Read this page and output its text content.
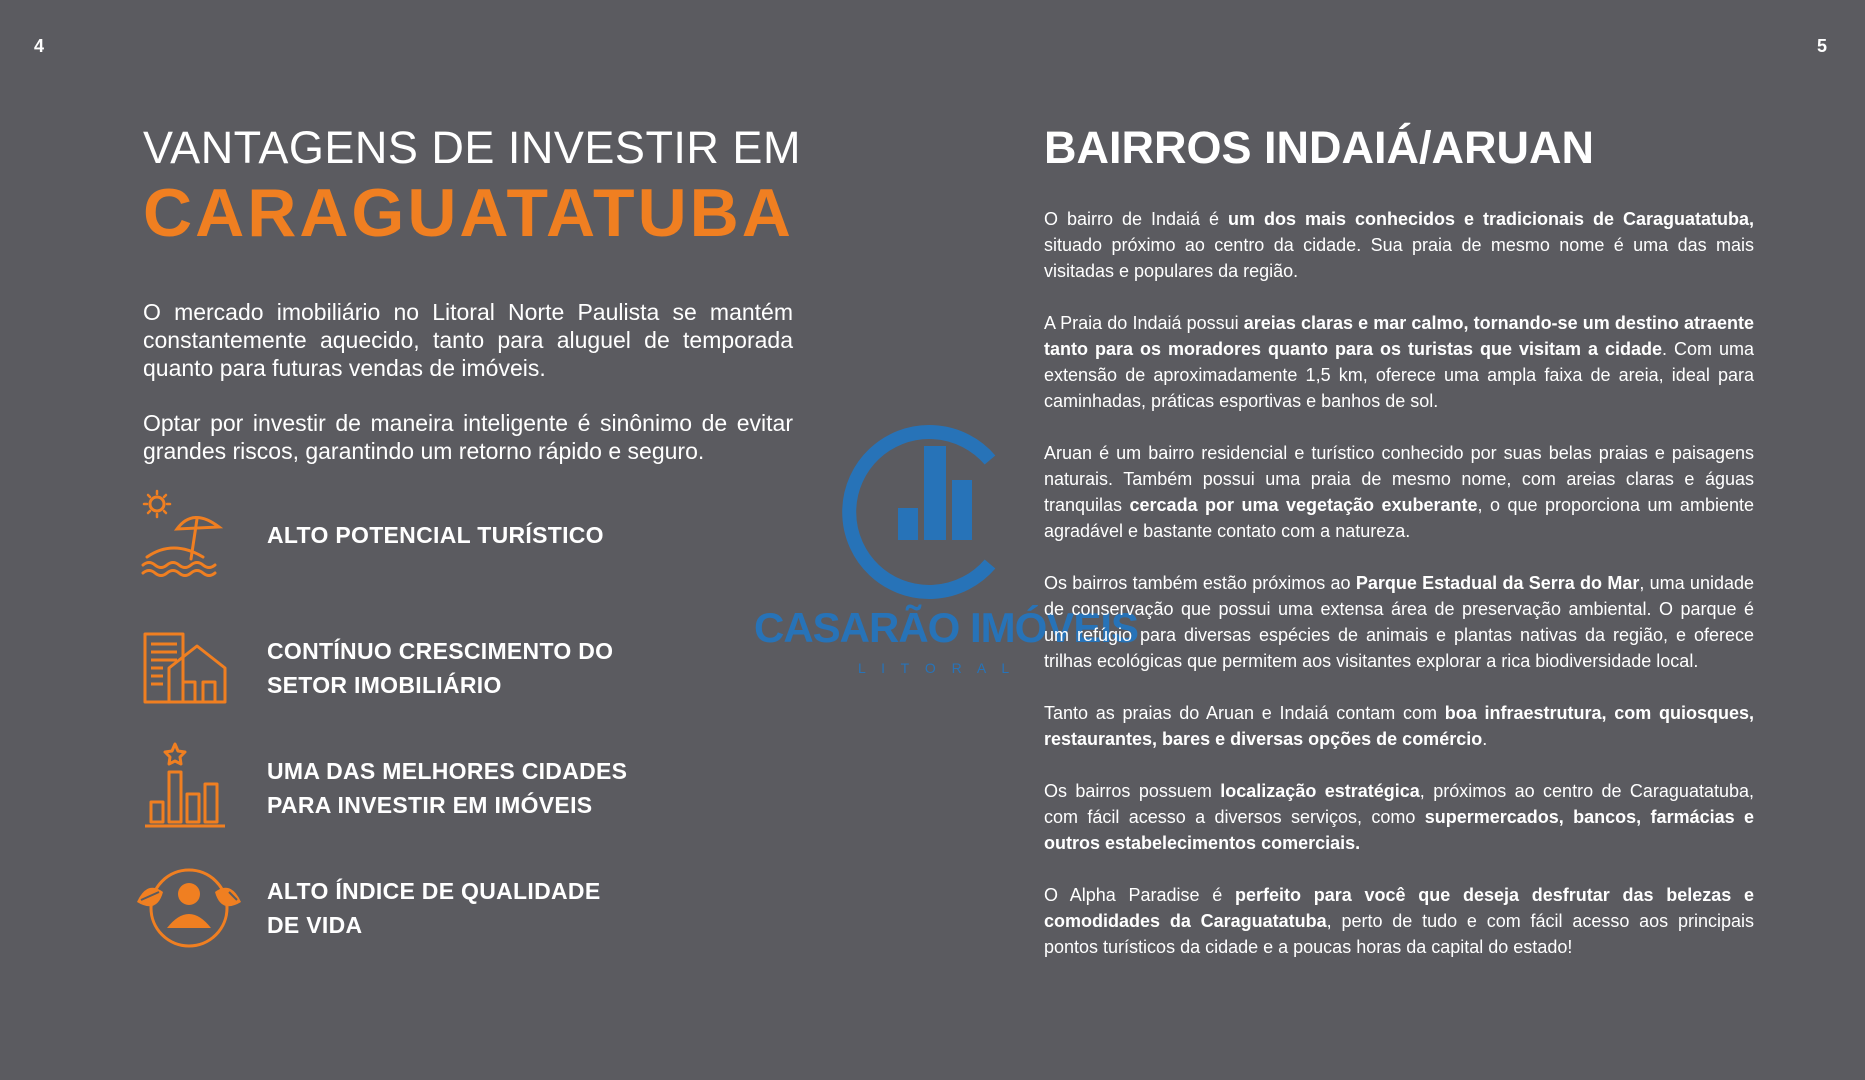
4	5
VANTAGENS DE INVESTIR EM
CARAGUATATUBA

O mercado imobiliário no Litoral Norte Paulista se mantém constantemente aquecido, tanto para aluguel de temporada quanto para futuras vendas de imóveis.

Optar por investir de maneira inteligente é sinônimo de evitar grandes riscos, garantindo um retorno rápido e seguro.

ALTO POTENCIAL TURÍSTICO
CONTÍNUO CRESCIMENTO DO
SETOR IMOBILIÁRIO
UMA DAS MELHORES CIDADES
PARA INVESTIR EM IMÓVEIS
ALTO ÍNDICE DE QUALIDADE
DE VIDA
CASARÃO IMÓVEIS
L I T O R A L
BAIRROS INDAIÁ/ARUAN

O bairro de Indaiá é um dos mais conhecidos e tradicionais de Caraguatatuba, situado próximo ao centro da cidade. Sua praia de mesmo nome é uma das mais visitadas e populares da região.

A Praia do Indaiá possui areias claras e mar calmo, tornando-se um destino atraente tanto para os moradores quanto para os turistas que visitam a cidade. Com uma extensão de aproximadamente 1,5 km, oferece uma ampla faixa de areia, ideal para caminhadas, práticas esportivas e banhos de sol.

Aruan é um bairro residencial e turístico conhecido por suas belas praias e paisagens naturais. Também possui uma praia de mesmo nome, com areias claras e águas tranquilas cercada por uma vegetação exuberante, o que proporciona um ambiente agradável e bastante contato com a natureza.

Os bairros também estão próximos ao Parque Estadual da Serra do Mar, uma unidade de conservação que possui uma extensa área de preservação ambiental. O parque é um refúgio para diversas espécies de animais e plantas nativas da região, e oferece trilhas ecológicas que permitem aos visitantes explorar a rica biodiversidade local.

Tanto as praias do Aruan e Indaiá contam com boa infraestrutura, com quiosques, restaurantes, bares e diversas opções de comércio.

Os bairros possuem localização estratégica, próximos ao centro de Caraguatatuba, com fácil acesso a diversos serviços, como supermercados, bancos, farmácias e outros estabelecimentos comerciais.

O Alpha Paradise é perfeito para você que deseja desfrutar das belezas e comodidades da Caraguatatuba, perto de tudo e com fácil acesso aos principais pontos turísticos da cidade e a poucas horas da capital do estado!
